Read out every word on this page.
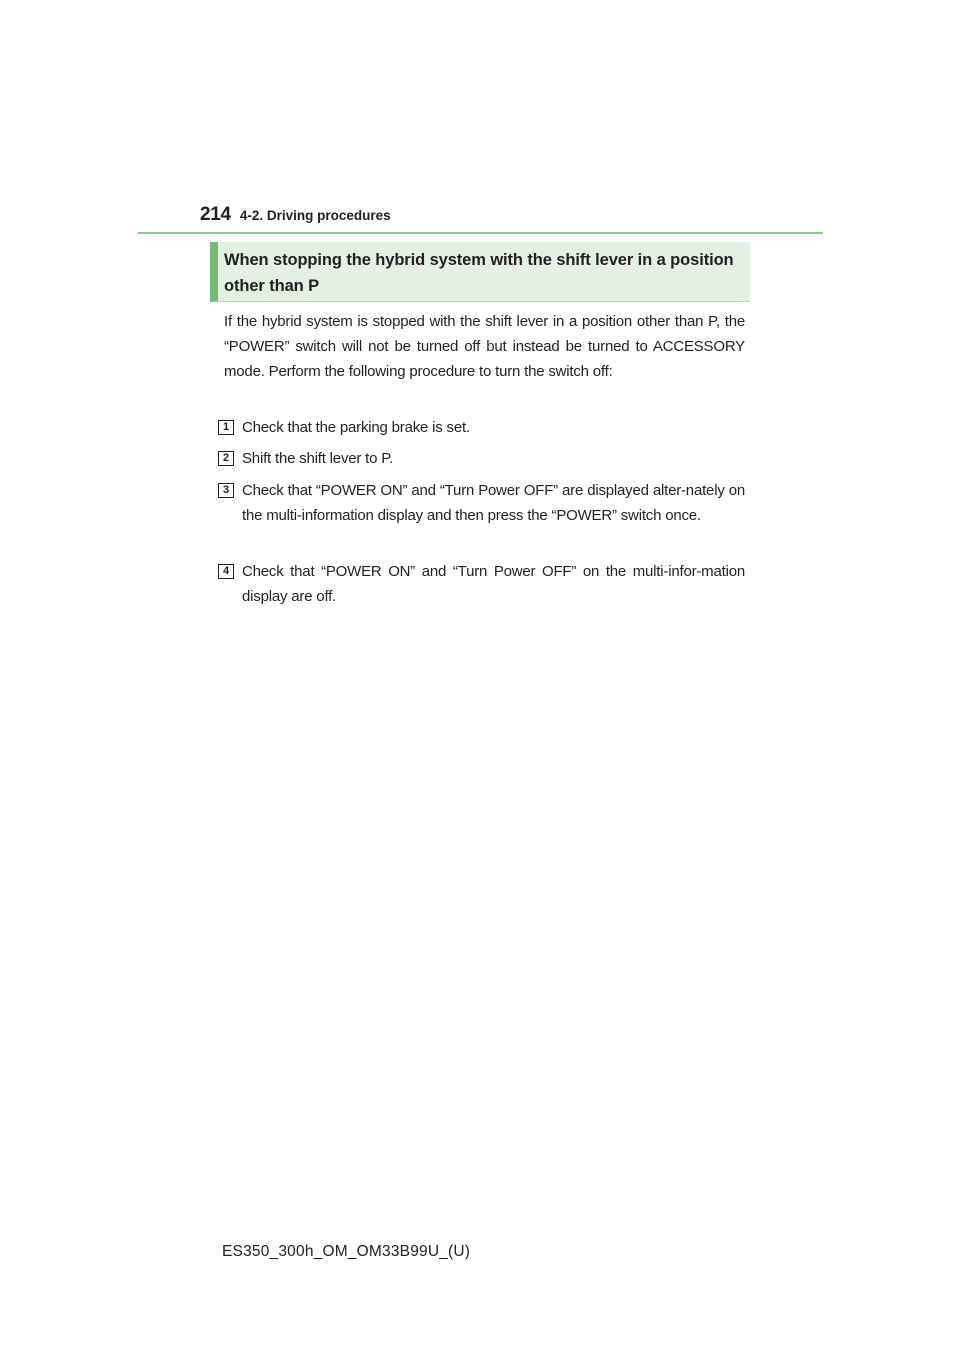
214 4-2. Driving procedures

When stopping the hybrid system with the shift lever in a position other than P

If the hybrid system is stopped with the shift lever in a position other than P, the “POWER” switch will not be turned off but instead be turned to ACCESSORY mode. Perform the following procedure to turn the switch off:

1 Check that the parking brake is set.
2 Shift the shift lever to P.
3 Check that “POWER ON” and “Turn Power OFF” are displayed alter-nately on the multi-information display and then press the “POWER” switch once.
4 Check that “POWER ON” and “Turn Power OFF” on the multi-infor-mation display are off.
ES350_300h_OM_OM33B99U_(U)
